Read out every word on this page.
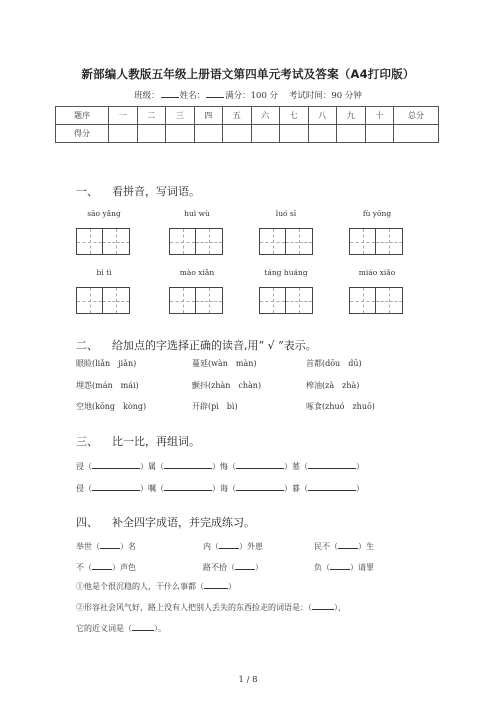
新部编人教版五年级上册语文第四单元考试及答案（A4打印版）
班级： 姓名： 满分：100 分 考试时间：90 分钟
题序	一	二	三	四	五	六	七	八	九	十	总分
得分											
一、 看拼音，写词语。
sāo yǎng	huì wù	luó sī	fù yōng
bì tì	mào xiǎn	táng huáng	miáo xiǎo
二、 给加点的字选择正确的读音,用“ √ ”表示。
眼睑(liǎn　jiǎn)	蔓延(wàn　màn)	首都(dōu　dū)
埋怨(mán　mái)	颤抖(zhàn　chàn)	榨油(zà　zhà)
空地(kōng　kòng)	开辟(pì　bì)	啄食(zhuó　zhuō)
三、 比一比，再组词。
浸（	）属（	）悔（	）墓（	）
侵（	）嘱（	）诲（	）暮（	）
四、 补全四字成语，并完成练习。
举世（	）名	内（	）外患	民不（	）生
不（	）声色	路不拾（	）	负（	）请罪
①他是个很沉稳的人，干什么事都（	）
②形容社会风气好，路上没有人把别人丢失的东西捡走的词语是：（	），
它的近义词是（	）。
1 / 8
